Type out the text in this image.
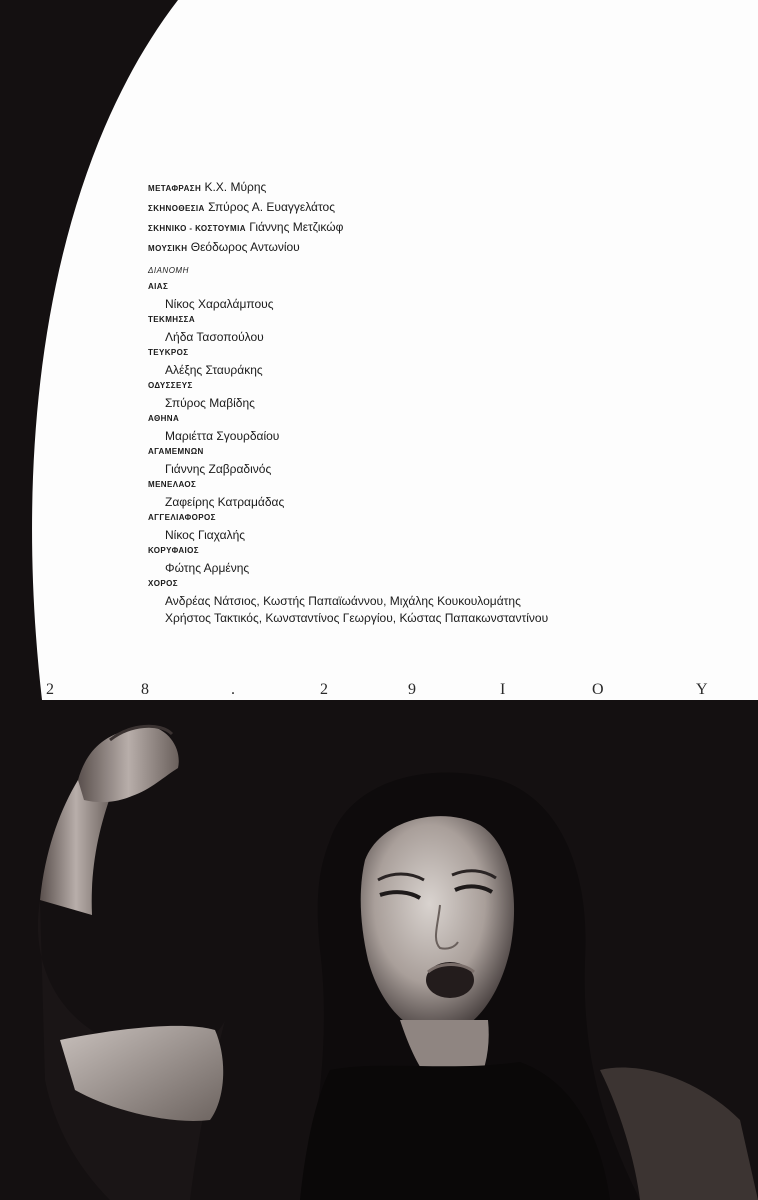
ΜΕΤΑΦΡΑΣΗ Κ.Χ. Μύρης
ΣΚΗΝΟΘΕΣΙΑ Σπύρος Α. Ευαγγελάτος
ΣΚΗΝΙΚΟ - ΚΟΣΤΟΥΜΙΑ Γιάννης Μετζικώφ
ΜΟΥΣΙΚΗ Θεόδωρος Αντωνίου
ΔΙΑΝΟΜΗ
ΑΙΑΣ
Νίκος Χαραλάμπους
ΤΕΚΜΗΣΣΑ
Λήδα Τασοπούλου
ΤΕΥΚΡΟΣ
Αλέξης Σταυράκης
ΟΔΥΣΣΕΥΣ
Σπύρος Μαβίδης
ΑΘΗΝΑ
Μαριέττα Σγουρδαίου
ΑΓΑΜΕΜΝΩΝ
Γιάννης Ζαβραδινός
ΜΕΝΕΛΑΟΣ
Ζαφείρης Κατραμάδας
ΑΓΓΕΛΙΑΦΟΡΟΣ
Νίκος Γιαχαλής
ΚΟΡΥΦΑΙΟΣ
Φώτης Αρμένης
ΧΟΡΟΣ
Ανδρέας Νάτσιος, Κωστής Παπαϊωάννου, Μιχάλης Κουκουλομάτης
Χρήστος Τακτικός, Κωνσταντίνος Γεωργίου, Κώστας Παπακωνσταντίνου
2	8	.	2	9	Ι	Ο	Υ
